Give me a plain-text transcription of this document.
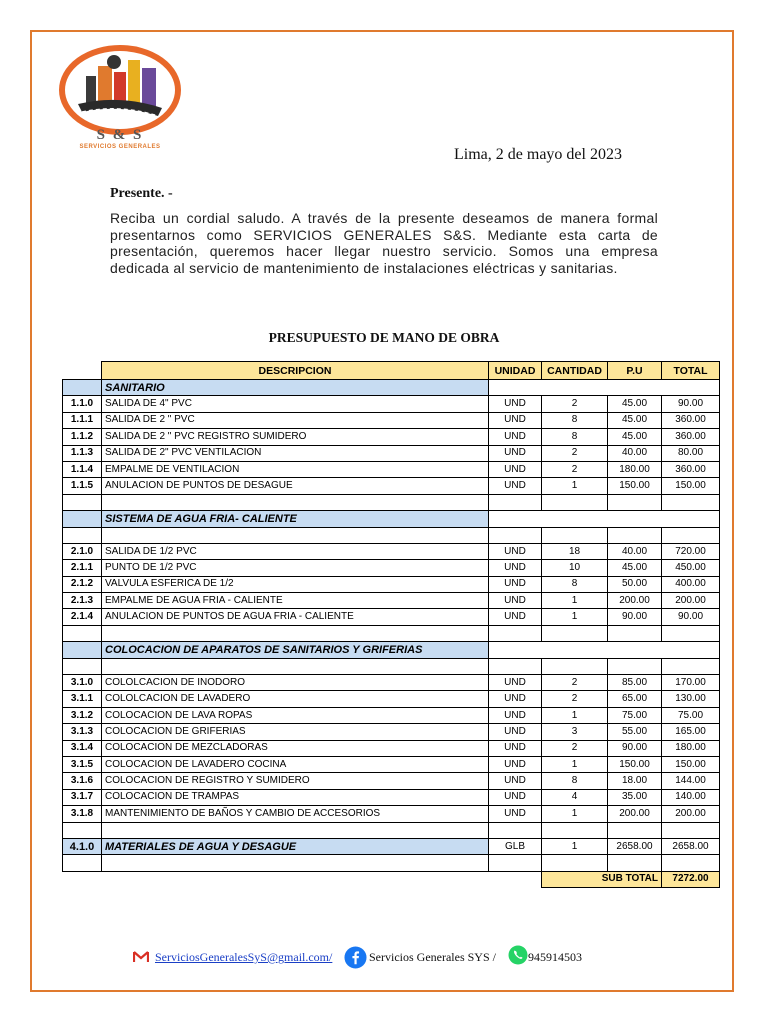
S & S
SERVICIOS GENERALES	Lima, 2 de mayo del 2023
Presente. -
Reciba un cordial saludo. A través de la presente deseamos de manera formal presentarnos como SERVICIOS GENERALES S&S. Mediante esta carta de presentación, queremos hacer llegar nuestro servicio. Somos una empresa dedicada al servicio de mantenimiento de instalaciones eléctricas y sanitarias.
PRESUPUESTO DE MANO DE OBRA
	DESCRIPCION	UNIDAD	CANTIDAD	P.U	TOTAL
	SANITARIO				
1.1.0	SALIDA DE 4" PVC	UND	2	45.00	90.00
1.1.1	SALIDA DE 2 " PVC	UND	8	45.00	360.00
1.1.2	SALIDA DE 2 " PVC REGISTRO SUMIDERO	UND	8	45.00	360.00
1.1.3	SALIDA DE 2" PVC VENTILACION	UND	2	40.00	80.00
1.1.4	EMPALME DE VENTILACION	UND	2	180.00	360.00
1.1.5	ANULACION DE PUNTOS DE DESAGUE	UND	1	150.00	150.00

	SISTEMA DE AGUA FRIA- CALIENTE				

2.1.0	SALIDA DE 1/2 PVC	UND	18	40.00	720.00
2.1.1	PUNTO DE 1/2 PVC	UND	10	45.00	450.00
2.1.2	VALVULA ESFERICA DE 1/2	UND	8	50.00	400.00
2.1.3	EMPALME DE AGUA FRIA - CALIENTE	UND	1	200.00	200.00
2.1.4	ANULACION DE PUNTOS DE AGUA FRIA - CALIENTE	UND	1	90.00	90.00

	COLOCACION DE APARATOS DE SANITARIOS Y GRIFERIAS				

3.1.0	COLOLCACION DE INODORO	UND	2	85.00	170.00
3.1.1	COLOLCACION DE LAVADERO	UND	2	65.00	130.00
3.1.2	COLOCACION DE LAVA ROPAS	UND	1	75.00	75.00
3.1.3	COLOCACION DE GRIFERIAS	UND	3	55.00	165.00
3.1.4	COLOCACION DE MEZCLADORAS	UND	2	90.00	180.00
3.1.5	COLOCACION DE LAVADERO COCINA	UND	1	150.00	150.00
3.1.6	COLOCACION DE REGISTRO Y SUMIDERO	UND	8	18.00	144.00
3.1.7	COLOCACION DE TRAMPAS	UND	4	35.00	140.00
3.1.8	MANTENIMIENTO DE BAÑOS Y CAMBIO DE ACCESORIOS	UND	1	200.00	200.00

4.1.0	MATERIALES DE AGUA Y DESAGUE	GLB	1	2658.00	2658.00

			SUB TOTAL		7272.00
ServiciosGeneralesSyS@gmail.com/	Servicios Generales SYS /	945914503
